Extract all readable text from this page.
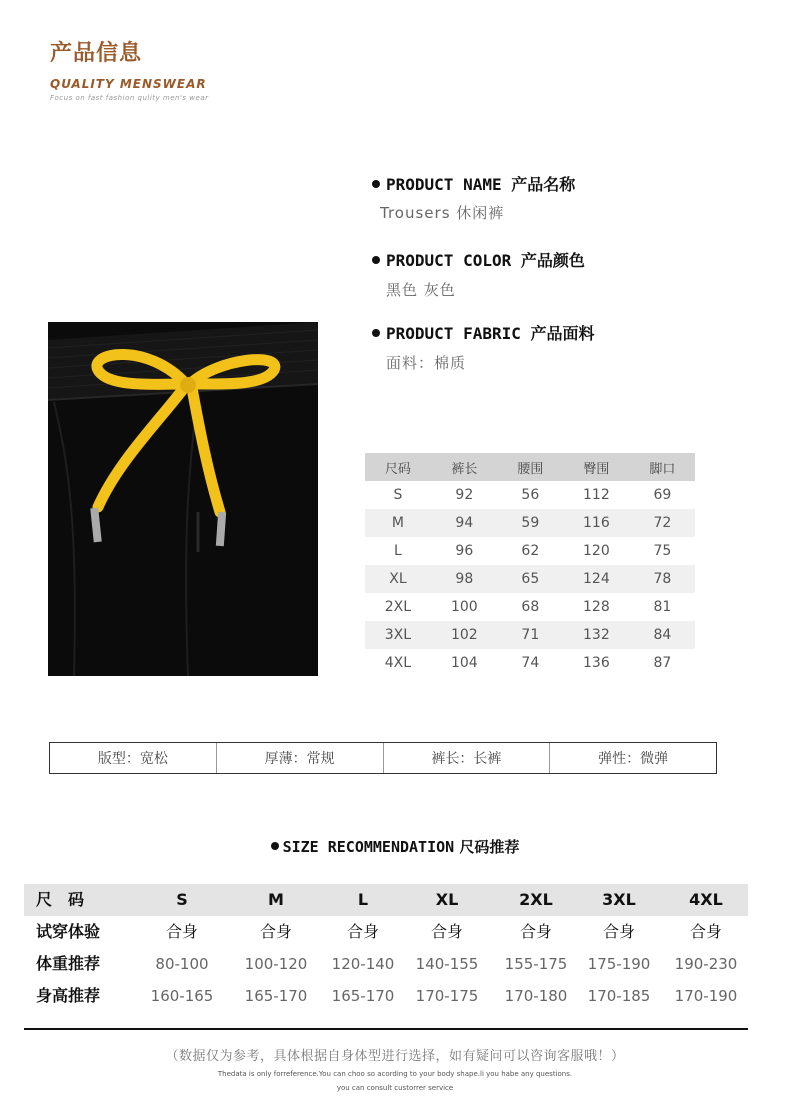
产品信息
QUALITY MENSWEAR
Focus on fast fashion qulity men's wear
PRODUCT NAME 产品名称
Trousers 休闲裤
PRODUCT COLOR 产品颜色
黑色 灰色
PRODUCT FABRIC 产品面料
面料：棉质
尺码	裤长	腰围	臀围	脚口
S	92	56	112	69
M	94	59	116	72
L	96	62	120	75
XL	98	65	124	78
2XL	100	68	128	81
3XL	102	71	132	84
4XL	104	74	136	87
版型：宽松	厚薄：常规	裤长：长裤	弹性：微弹
SIZE RECOMMENDATION 尺码推荐
尺　码	S	M	L	XL	2XL	3XL	4XL
试穿体验	合身	合身	合身	合身	合身	合身	合身
体重推荐	80-100	100-120	120-140	140-155	155-175	175-190	190-230
身高推荐	160-165	165-170	165-170	170-175	170-180	170-185	170-190
（数据仅为参考，具体根据自身体型进行选择，如有疑问可以咨询客服哦！）
Thedata is only forreference.You can choo so acording to your body shape.li you habe any questions.
you can consult custorrer service
